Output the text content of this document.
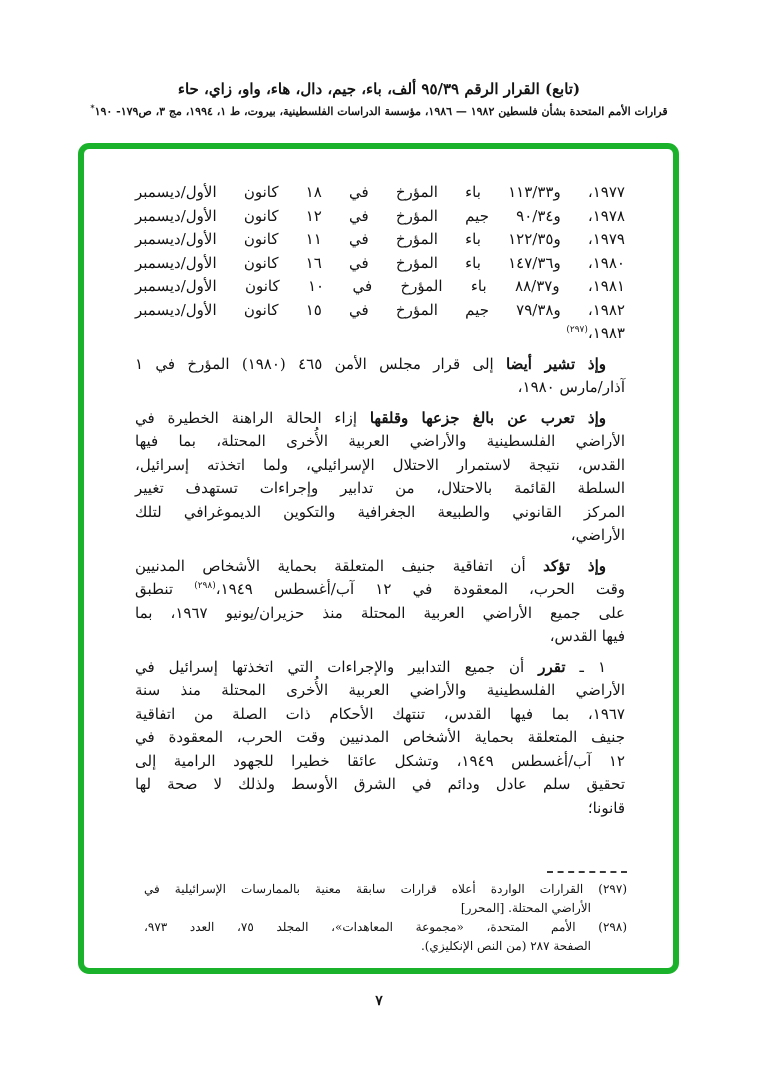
(تابع) القرار الرقم ٩٥/٣٩ ألف، باء، جيم، دال، هاء، واو، زاي، حاء
قرارات الأمم المتحدة بشأن فلسطين ١٩٨٢ — ١٩٨٦، مؤسسة الدراسات الفلسطينية، بيروت، ط ١، ١٩٩٤، مج ٣، ص١٧٩- ١٩٠*
١٩٧٧، و١١٣/٣٣ باء المؤرخ في ١٨ كانون الأول/ديسمبر
١٩٧٨، و٩٠/٣٤ جيم المؤرخ في ١٢ كانون الأول/ديسمبر
١٩٧٩، و١٢٢/٣٥ باء المؤرخ في ١١ كانون الأول/ديسمبر
١٩٨٠، و١٤٧/٣٦ باء المؤرخ في ١٦ كانون الأول/ديسمبر
١٩٨١، و٨٨/٣٧ باء المؤرخ في ١٠ كانون الأول/ديسمبر
١٩٨٢، و٧٩/٣٨ جيم المؤرخ في ١٥ كانون الأول/ديسمبر
١٩٨٣،$^{(٢٩٧)}$
وإذ تشير أيضا إلى قرار مجلس الأمن ٤٦٥ (١٩٨٠) المؤرخ في ١
آذار/مارس ١٩٨٠،
وإذ تعرب عن بالغ جزعها وقلقها إزاء الحالة الراهنة الخطيرة في
الأراضي الفلسطينية والأراضي العربية الأُخرى المحتلة، بما فيها
القدس، نتيجة لاستمرار الاحتلال الإسرائيلي، ولما اتخذته إسرائيل،
السلطة القائمة بالاحتلال، من تدابير وإجراءات تستهدف تغيير
المركز القانوني والطبيعة الجغرافية والتكوين الديموغرافي لتلك
الأراضي،
وإذ تؤكد أن اتفاقية جنيف المتعلقة بحماية الأشخاص المدنيين
وقت الحرب، المعقودة في ١٢ آب/أغسطس ١٩٤٩،$^{(٢٩٨)}$ تنطبق
على جميع الأراضي العربية المحتلة منذ حزيران/يونيو ١٩٦٧، بما
فيها القدس،
١ ـ تقرر أن جميع التدابير والإجراءات التي اتخذتها إسرائيل في
الأراضي الفلسطينية والأراضي العربية الأُخرى المحتلة منذ سنة
١٩٦٧، بما فيها القدس، تنتهك الأحكام ذات الصلة من اتفاقية
جنيف المتعلقة بحماية الأشخاص المدنيين وقت الحرب، المعقودة في
١٢ آب/أغسطس ١٩٤٩، وتشكل عائقا خطيرا للجهود الرامية إلى
تحقيق سلم عادل ودائم في الشرق الأوسط ولذلك لا صحة لها
قانونا؛
(٢٩٧) القرارات الواردة أعلاه قرارات سابقة معنية بالممارسات الإسرائيلية في
الأراضي المحتلة. [المحرر]
(٢٩٨) الأمم المتحدة، «مجموعة المعاهدات»، المجلد ٧٥، العدد ٩٧٣،
الصفحة ٢٨٧ (من النص الإنكليزي).
٧
